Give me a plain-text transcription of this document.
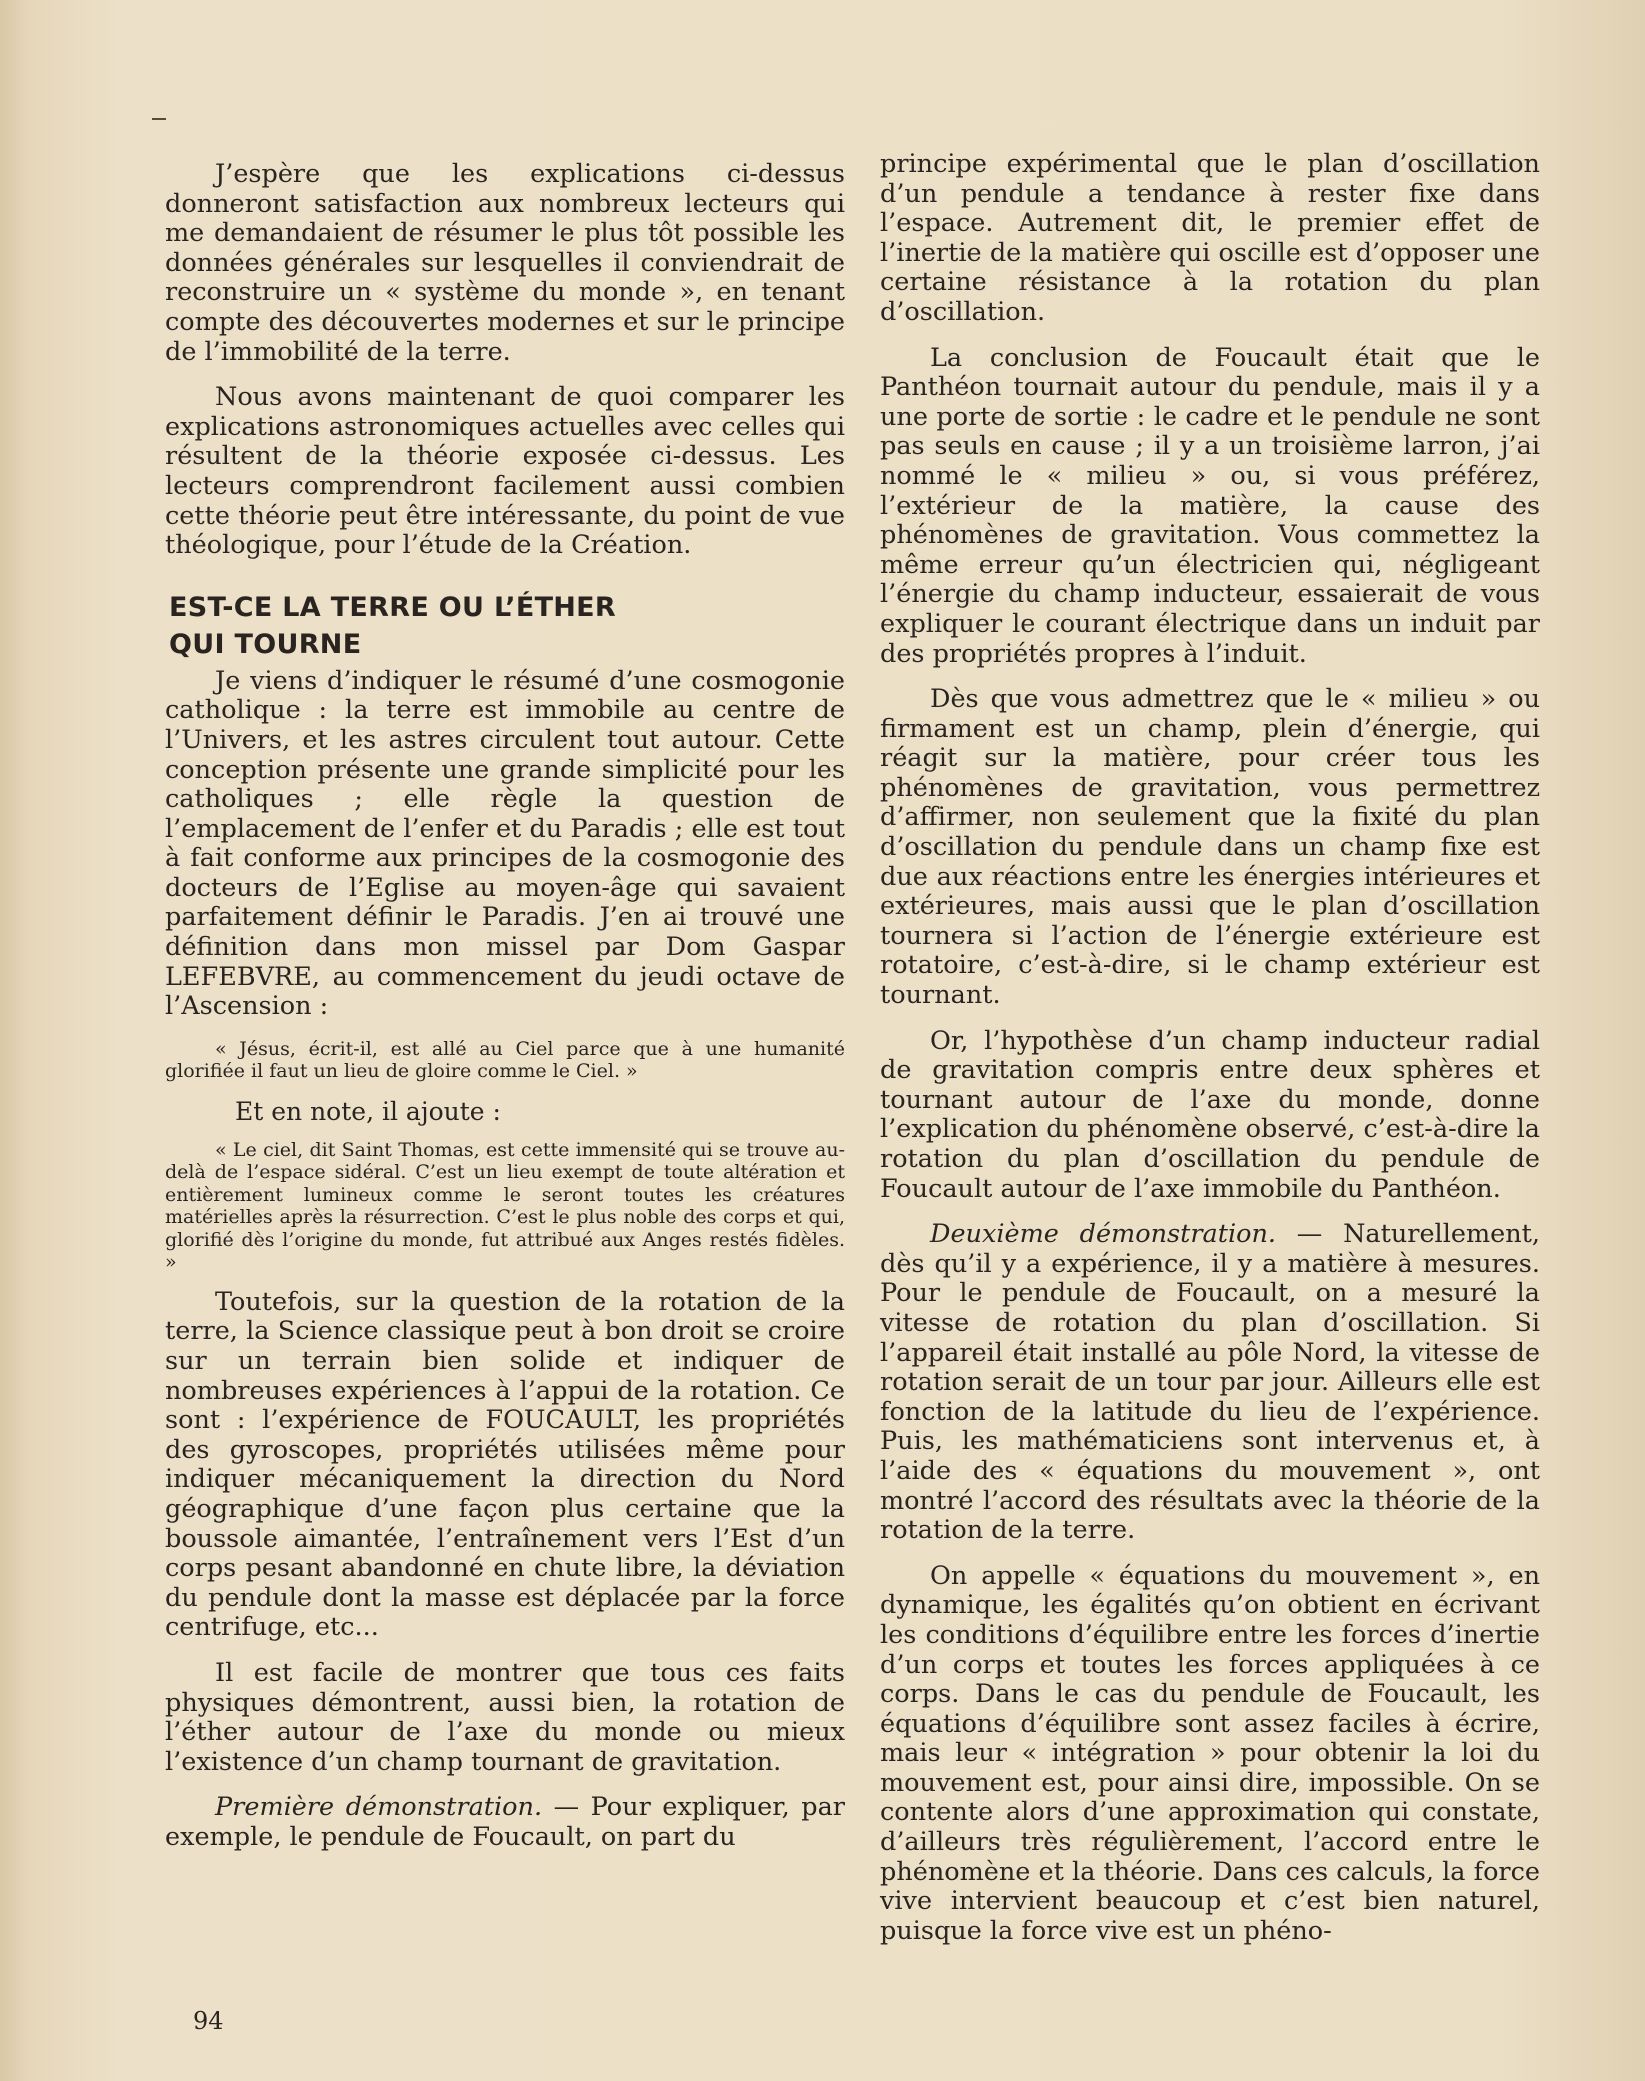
J’espère que les explications ci-dessus donneront satisfaction aux nombreux lecteurs qui me demandaient de résumer le plus tôt possible les données générales sur lesquelles il conviendrait de reconstruire un « système du monde », en tenant compte des découvertes modernes et sur le principe de l’immobilité de la terre.

Nous avons maintenant de quoi comparer les explications astronomiques actuelles avec celles qui résultent de la théorie exposée ci-dessus. Les lecteurs comprendront facilement aussi combien cette théorie peut être intéressante, du point de vue théologique, pour l’étude de la Création.

EST-CE LA TERRE OU L’ÉTHER
QUI TOURNE

Je viens d’indiquer le résumé d’une cosmogonie catholique : la terre est immobile au centre de l’Univers, et les astres circulent tout autour. Cette conception présente une grande simplicité pour les catholiques ; elle règle la question de l’emplacement de l’enfer et du Paradis ; elle est tout à fait conforme aux principes de la cosmogonie des docteurs de l’Eglise au moyen-âge qui savaient parfaitement définir le Paradis. J’en ai trouvé une définition dans mon missel par Dom Gaspar LEFEBVRE, au commencement du jeudi octave de l’Ascension :

« Jésus, écrit-il, est allé au Ciel parce que à une humanité glorifiée il faut un lieu de gloire comme le Ciel. »

Et en note, il ajoute :

« Le ciel, dit Saint Thomas, est cette immensité qui se trouve au-delà de l’espace sidéral. C’est un lieu exempt de toute altération et entièrement lumineux comme le seront toutes les créatures matérielles après la résurrection. C’est le plus noble des corps et qui, glorifié dès l’origine du monde, fut attribué aux Anges restés fidèles. »

Toutefois, sur la question de la rotation de la terre, la Science classique peut à bon droit se croire sur un terrain bien solide et indiquer de nombreuses expériences à l’appui de la rotation. Ce sont : l’expérience de FOUCAULT, les propriétés des gyroscopes, propriétés utilisées même pour indiquer mécaniquement la direction du Nord géographique d’une façon plus certaine que la boussole aimantée, l’entraînement vers l’Est d’un corps pesant abandonné en chute libre, la déviation du pendule dont la masse est déplacée par la force centrifuge, etc...

Il est facile de montrer que tous ces faits physiques démontrent, aussi bien, la rotation de l’éther autour de l’axe du monde ou mieux l’existence d’un champ tournant de gravitation.

Première démonstration. — Pour expliquer, par exemple, le pendule de Foucault, on part du

principe expérimental que le plan d’oscillation d’un pendule a tendance à rester fixe dans l’espace. Autrement dit, le premier effet de l’inertie de la matière qui oscille est d’opposer une certaine résistance à la rotation du plan d’oscillation.

La conclusion de Foucault était que le Panthéon tournait autour du pendule, mais il y a une porte de sortie : le cadre et le pendule ne sont pas seuls en cause ; il y a un troisième larron, j’ai nommé le « milieu » ou, si vous préférez, l’extérieur de la matière, la cause des phénomènes de gravitation. Vous commettez la même erreur qu’un électricien qui, négligeant l’énergie du champ inducteur, essaierait de vous expliquer le courant électrique dans un induit par des propriétés propres à l’induit.

Dès que vous admettrez que le « milieu » ou firmament est un champ, plein d’énergie, qui réagit sur la matière, pour créer tous les phénomènes de gravitation, vous permettrez d’affirmer, non seulement que la fixité du plan d’oscillation du pendule dans un champ fixe est due aux réactions entre les énergies intérieures et extérieures, mais aussi que le plan d’oscillation tournera si l’action de l’énergie extérieure est rotatoire, c’est-à-dire, si le champ extérieur est tournant.

Or, l’hypothèse d’un champ inducteur radial de gravitation compris entre deux sphères et tournant autour de l’axe du monde, donne l’explication du phénomène observé, c’est-à-dire la rotation du plan d’oscillation du pendule de Foucault autour de l’axe immobile du Panthéon.

Deuxième démonstration. — Naturellement, dès qu’il y a expérience, il y a matière à mesures. Pour le pendule de Foucault, on a mesuré la vitesse de rotation du plan d’oscillation. Si l’appareil était installé au pôle Nord, la vitesse de rotation serait de un tour par jour. Ailleurs elle est fonction de la latitude du lieu de l’expérience. Puis, les mathématiciens sont intervenus et, à l’aide des « équations du mouvement », ont montré l’accord des résultats avec la théorie de la rotation de la terre.

On appelle « équations du mouvement », en dynamique, les égalités qu’on obtient en écrivant les conditions d’équilibre entre les forces d’inertie d’un corps et toutes les forces appliquées à ce corps. Dans le cas du pendule de Foucault, les équations d’équilibre sont assez faciles à écrire, mais leur « intégration » pour obtenir la loi du mouvement est, pour ainsi dire, impossible. On se contente alors d’une approximation qui constate, d’ailleurs très régulièrement, l’accord entre le phénomène et la théorie. Dans ces calculs, la force vive intervient beaucoup et c’est bien naturel, puisque la force vive est un phéno-

94
